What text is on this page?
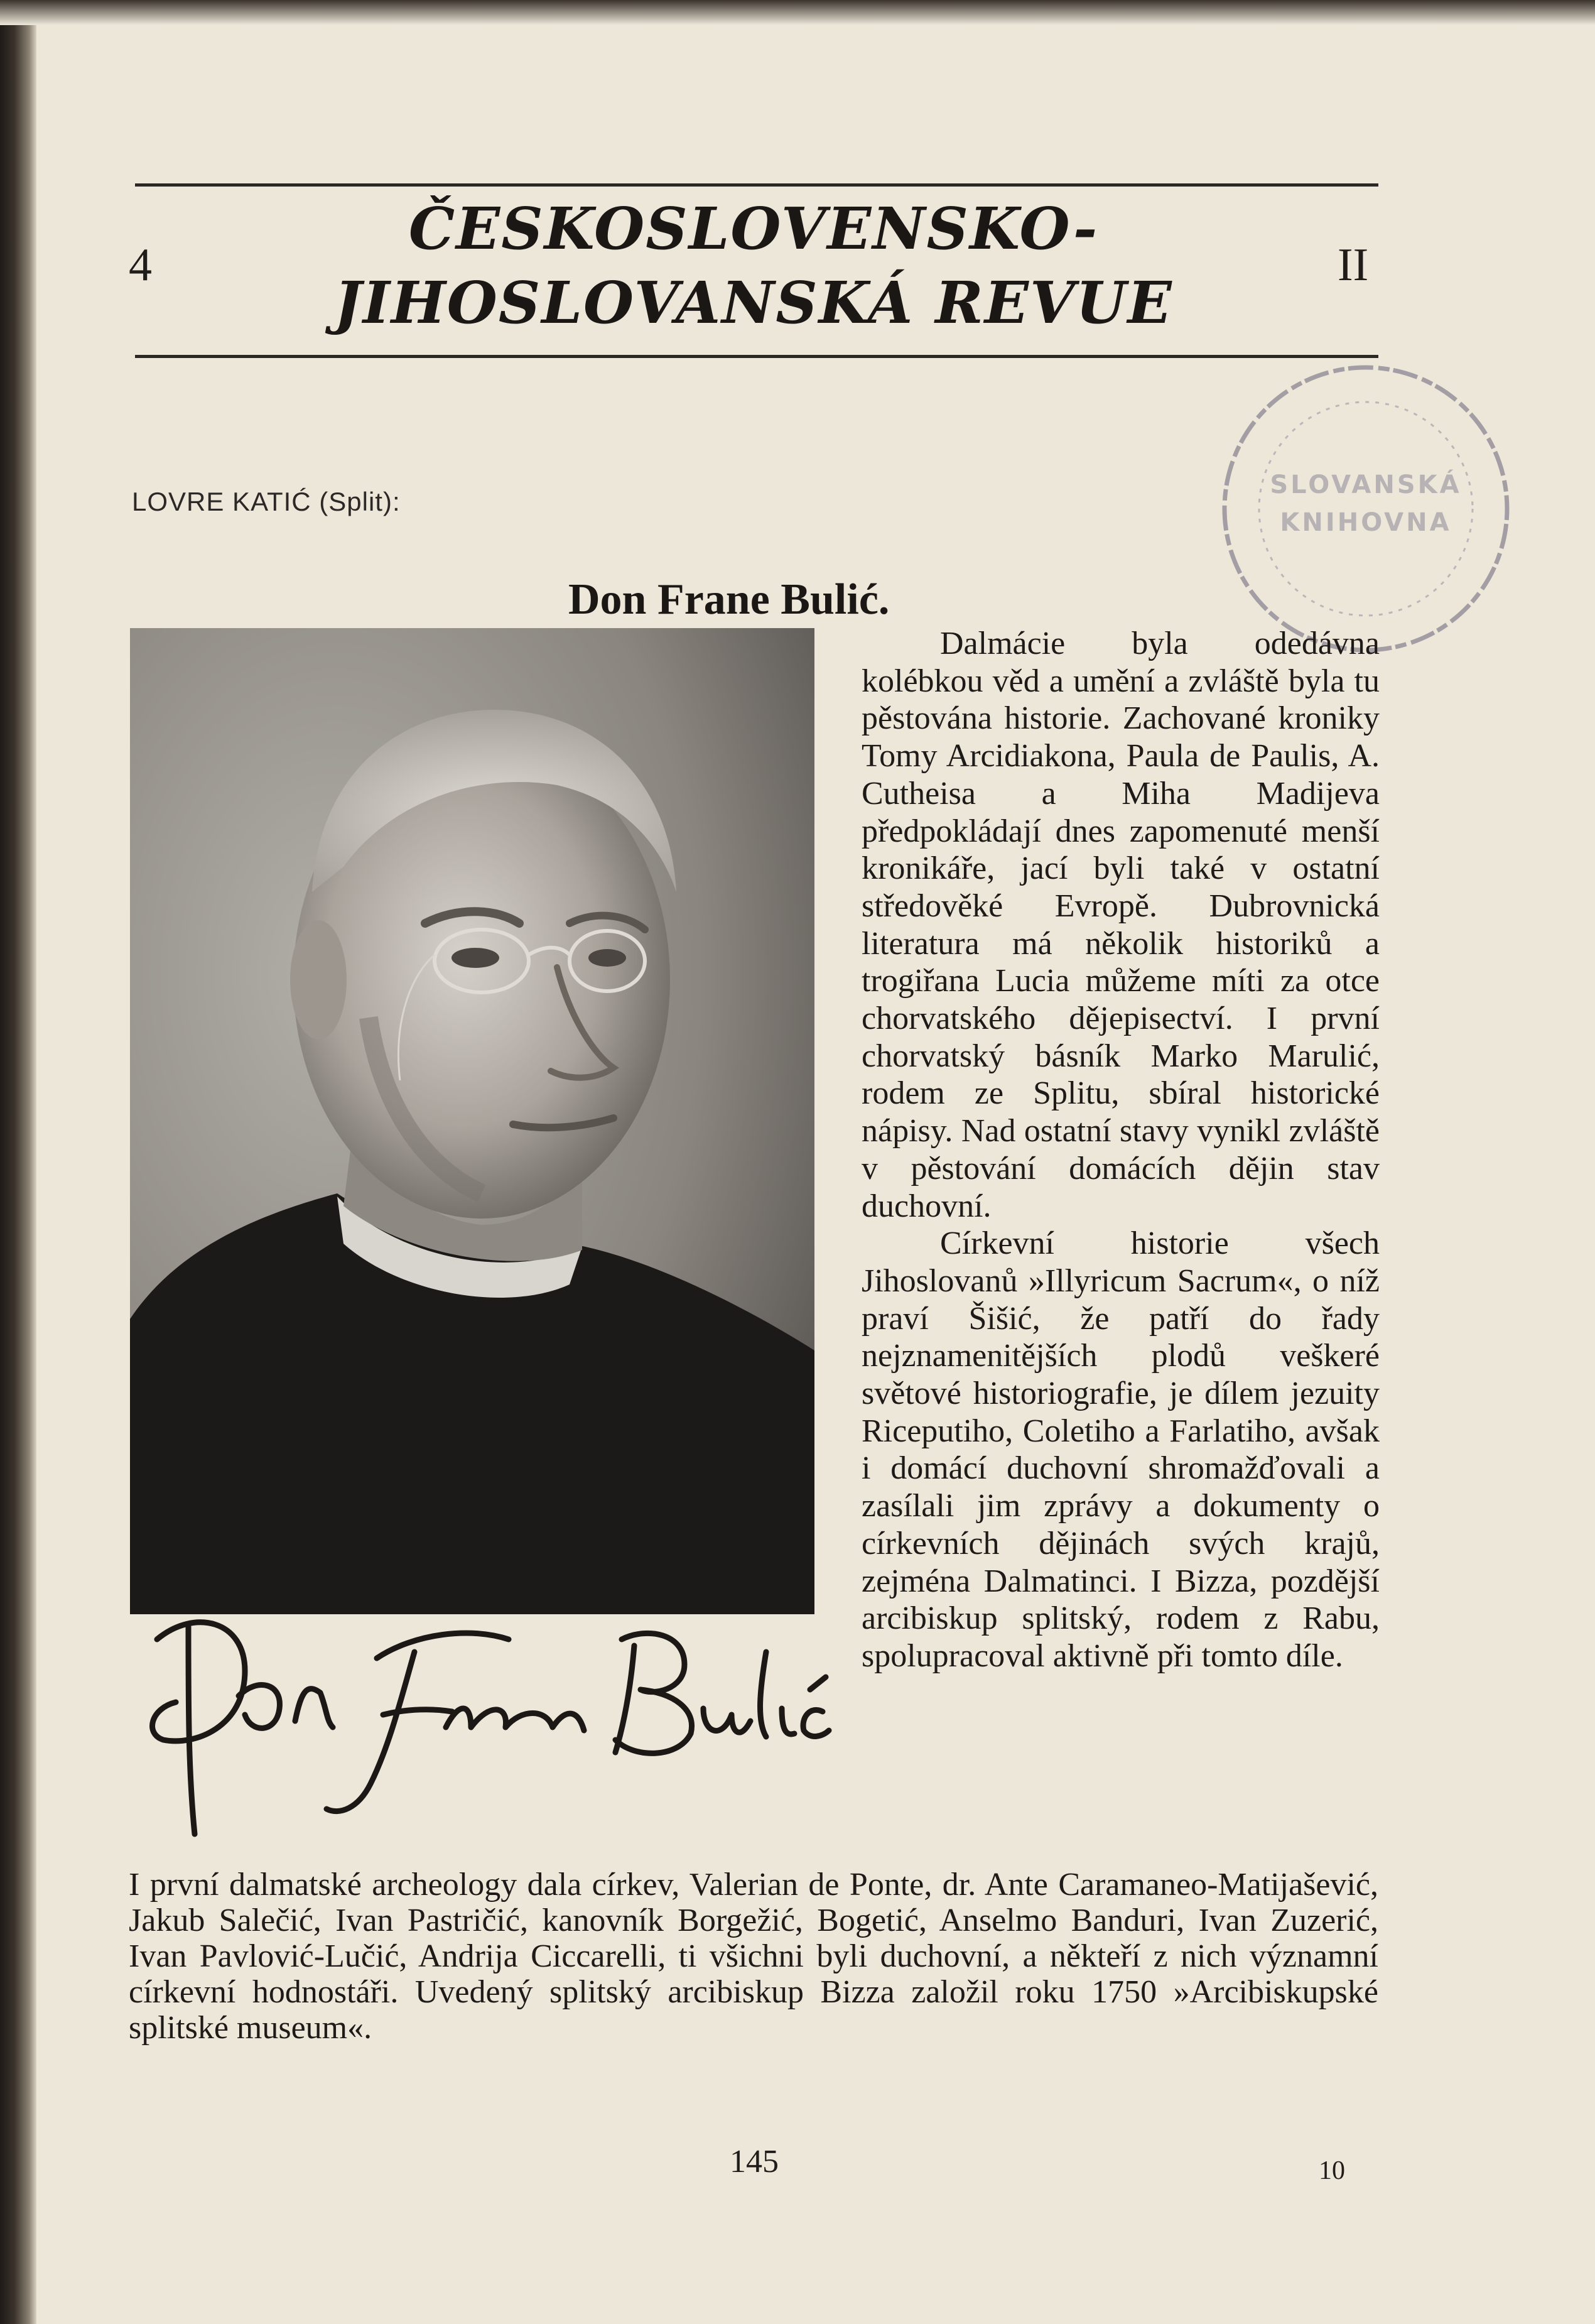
4
ČESKOSLOVENSKO-
JIHOSLOVANSKÁ REVUE
II
SLOVANSKÁ
KNIHOVNA
LOVRE KATIĆ (Split):
Don Frane Bulić.

Dalmácie byla odedávna kolébkou věd a umění a zvláště byla tu pěstována historie. Zachované kroniky Tomy Arcidiakona, Paula de Paulis, A. Cutheisa a Miha Madijeva předpokládají dnes zapomenuté menší kronikáře, jací byli také v ostatní středověké Evropě. Dubrovnická literatura má několik historiků a trogiřana Lucia můžeme míti za otce chorvatského dějepisectví. I první chorvatský básník Marko Marulić, rodem ze Splitu, sbíral historické nápisy. Nad ostatní stavy vynikl zvláště v pěstování domácích dějin stav duchovní.

Církevní historie všech Jihoslovanů »Illyricum Sacrum«, o níž praví Šišić, že patří do řady nejznamenitějších plodů veškeré světové historiografie, je dílem jezuity Riceputiho, Coletiho a Farlatiho, avšak i domácí duchovní shromažďovali a zasílali jim zprávy a dokumenty o církevních dějinách svých krajů, zejména Dalmatinci. I Bizza, pozdější arcibiskup splitský, rodem z Rabu, spolupracoval aktivně při tomto díle.

I první dalmatské archeology dala církev, Valerian de Ponte, dr. Ante Caramaneo-Matijašević, Jakub Salečić, Ivan Pastričić, kanovník Borgežić, Bogetić, Anselmo Banduri, Ivan Zuzerić, Ivan Pavlović-Lučić, Andrija Ciccarelli, ti všichni byli duchovní, a někteří z nich významní církevní hodnostáři. Uvedený splitský arcibiskup Bizza založil roku 1750 »Arcibiskupské splitské museum«.
145	10
